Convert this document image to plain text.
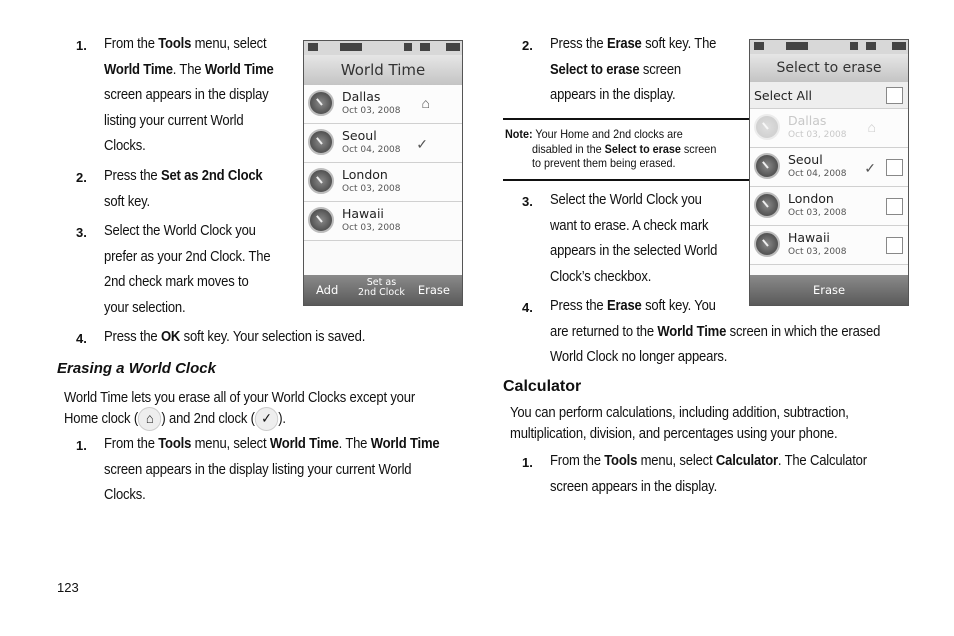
1. From the Tools menu, select
World Time. The World Time
screen appears in the display
listing your current World
Clocks.
2. Press the Set as 2nd Clock
soft key.
3. Select the World Clock you
prefer as your 2nd Clock. The
2nd check mark moves to
your selection.
4. Press the OK soft key. Your selection is saved.
Erasing a World Clock
World Time lets you erase all of your World Clocks except your
Home clock ( ⌂ ) and 2nd clock ( ✓ ).
1. From the Tools menu, select World Time. The World Time
screen appears in the display listing your current World
Clocks.
123
World Time
Dallas
Oct 03, 2008 ⌂
Seoul
Oct 04, 2008 ✓
London
Oct 03, 2008
Hawaii
Oct 03, 2008
Add
Set as
2nd Clock Erase
2. Press the Erase soft key. The
Select to erase screen
appears in the display.
Note: Your Home and 2nd clocks are
disabled in the Select to erase screen
to prevent them being erased.
3. Select the World Clock you
want to erase. A check mark
appears in the selected World
Clock’s checkbox.
4. Press the Erase soft key. You
are returned to the World Time screen in which the erased
World Clock no longer appears.
Calculator
You can perform calculations, including addition, subtraction,
multiplication, division, and percentages using your phone.
1. From the Tools menu, select Calculator. The Calculator
screen appears in the display.
Select to erase
Select All
Dallas
Oct 03, 2008 ⌂
Seoul
Oct 04, 2008 ✓
London
Oct 03, 2008
Hawaii
Oct 03, 2008
Erase
